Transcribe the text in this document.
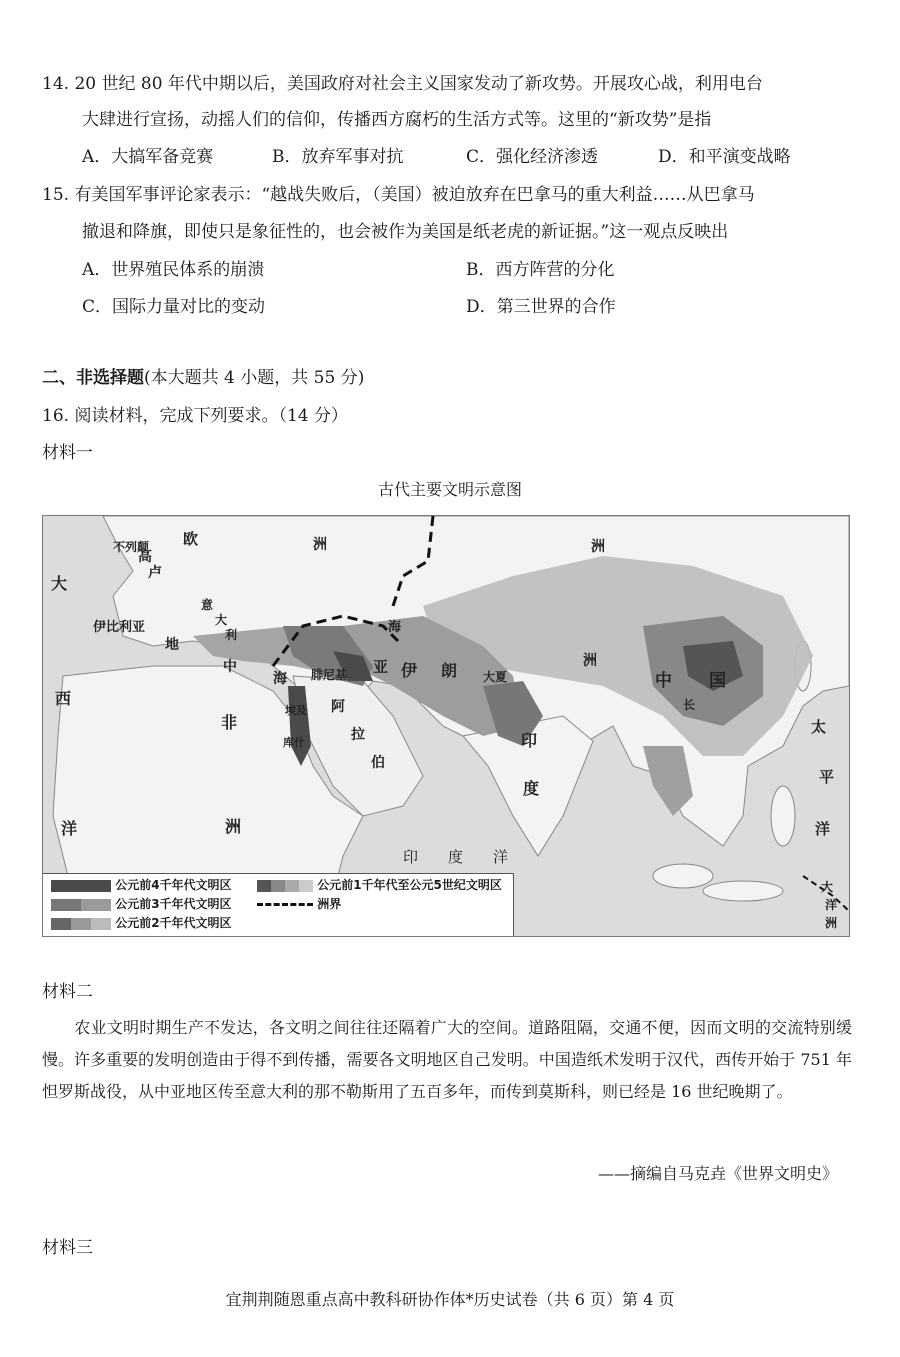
14. 20 世纪 80 年代中期以后，美国政府对社会主义国家发动了新攻势。开展攻心战，利用电台
大肆进行宣扬，动摇人们的信仰，传播西方腐朽的生活方式等。这里的“新攻势”是指
A．大搞军备竞赛	B．放弃军事对抗	C．强化经济渗透	D．和平演变战略
15. 有美国军事评论家表示：“越战失败后，（美国）被迫放弃在巴拿马的重大利益……从巴拿马
撤退和降旗，即使只是象征性的，也会被作为美国是纸老虎的新证据。”这一观点反映出
A．世界殖民体系的崩溃	B．西方阵营的分化
C．国际力量对比的变动	D．第三世界的合作
二、非选择题(本大题共 4 小题，共 55 分)
16. 阅读材料，完成下列要求。（14 分）
材料一
古代主要文明示意图
不列颠 欧	洲
大
西
洋
高
卢
意
大
利
伊比利亚
地
中
海
海
腓尼基 亚	洲
伊 朗 大夏
阿
拉
伯
非
洲
埃及
库什	印
度
印　　度　　洋
洲
中 国
长
太
平
洋
大
洋
洲
公元前4千年代文明区
公元前3千年代文明区
公元前2千年代文明区
公元前1千年代至公元5世纪文明区
洲界
材料二
　　农业文明时期生产不发达，各文明之间往往还隔着广大的空间。道路阻隔，交通不便，因而文明的交流特别缓慢。许多重要的发明创造由于得不到传播，需要各文明地区自己发明。中国造纸术发明于汉代，西传开始于 751 年怛罗斯战役，从中亚地区传至意大利的那不勒斯用了五百多年，而传到莫斯科，则已经是 16 世纪晚期了。
——摘编自马克垚《世界文明史》
材料三
宜荆荆随恩重点高中教科研协作体*历史试卷（共 6 页）第 4 页
